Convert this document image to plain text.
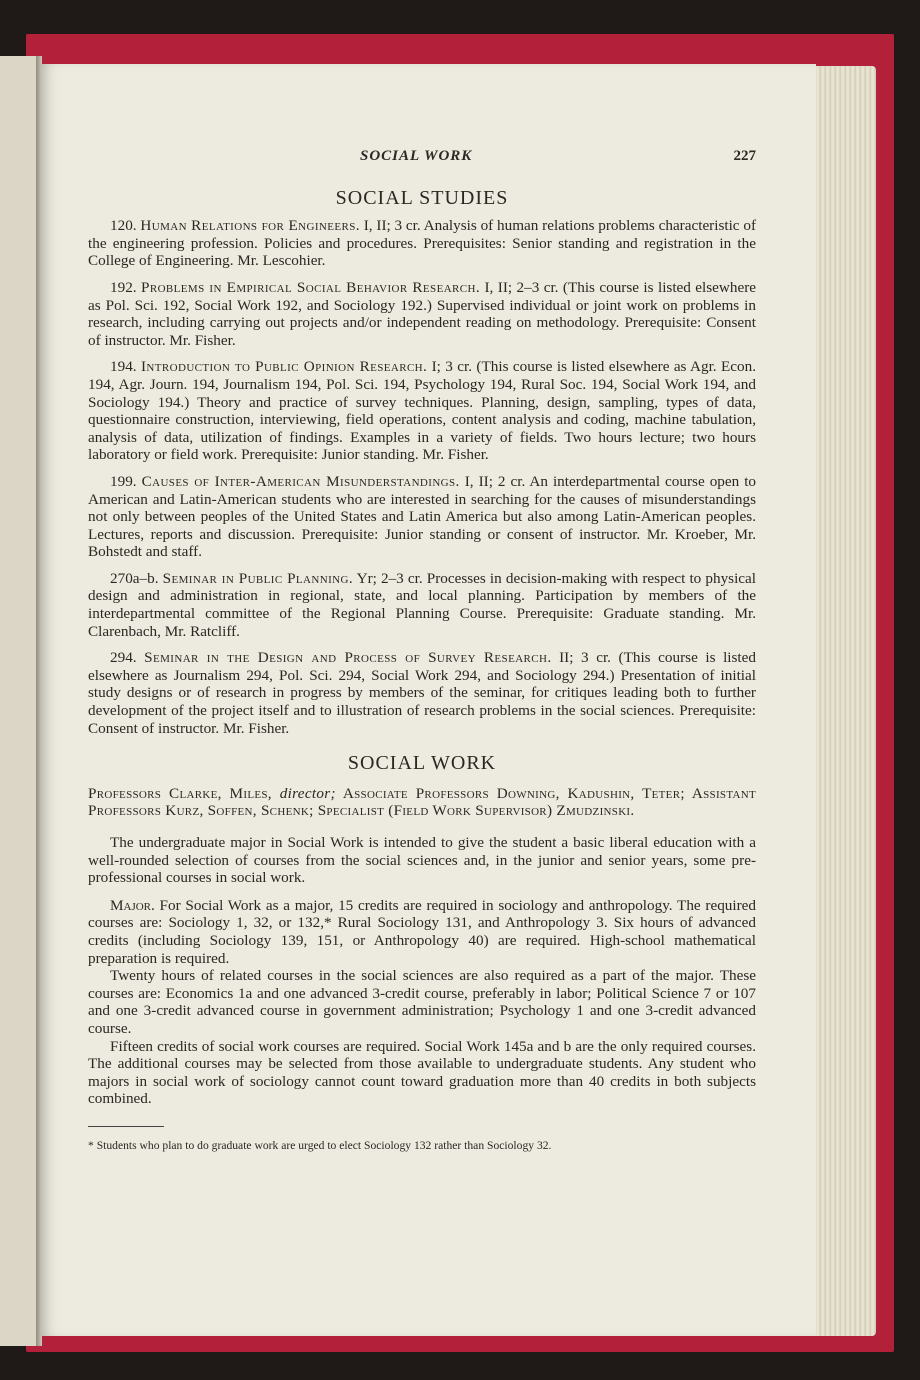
SOCIAL WORK	227
SOCIAL STUDIES

120. Human Relations for Engineers. I, II; 3 cr. Analysis of human relations problems characteristic of the engineering profession. Policies and procedures. Prerequisites: Senior standing and registration in the College of Engineering. Mr. Lescohier.

192. Problems in Empirical Social Behavior Research. I, II; 2–3 cr. (This course is listed elsewhere as Pol. Sci. 192, Social Work 192, and Sociology 192.) Supervised individual or joint work on problems in research, including carrying out projects and/or independent reading on methodology. Prerequisite: Consent of instructor. Mr. Fisher.

194. Introduction to Public Opinion Research. I; 3 cr. (This course is listed elsewhere as Agr. Econ. 194, Agr. Journ. 194, Journalism 194, Pol. Sci. 194, Psychology 194, Rural Soc. 194, Social Work 194, and Sociology 194.) Theory and practice of survey techniques. Planning, design, sampling, types of data, questionnaire construction, interviewing, field operations, content analysis and coding, machine tabulation, analysis of data, utilization of findings. Examples in a variety of fields. Two hours lecture; two hours laboratory or field work. Prerequisite: Junior standing. Mr. Fisher.

199. Causes of Inter-American Misunderstandings. I, II; 2 cr. An interdepartmental course open to American and Latin-American students who are interested in searching for the causes of misunderstandings not only between peoples of the United States and Latin America but also among Latin-American peoples. Lectures, reports and discussion. Prerequisite: Junior standing or consent of instructor. Mr. Kroeber, Mr. Bohstedt and staff.

270a–b. Seminar in Public Planning. Yr; 2–3 cr. Processes in decision-making with respect to physical design and administration in regional, state, and local planning. Participation by members of the interdepartmental committee of the Regional Planning Course. Prerequisite: Graduate standing. Mr. Clarenbach, Mr. Ratcliff.

294. Seminar in the Design and Process of Survey Research. II; 3 cr. (This course is listed elsewhere as Journalism 294, Pol. Sci. 294, Social Work 294, and Sociology 294.) Presentation of initial study designs or of research in progress by members of the seminar, for critiques leading both to further development of the project itself and to illustration of research problems in the social sciences. Prerequisite: Consent of instructor. Mr. Fisher.

SOCIAL WORK

Professors Clarke, Miles, director; Associate Professors Downing, Kadushin, Teter; Assistant Professors Kurz, Soffen, Schenk; Specialist (Field Work Supervisor) Zmudzinski.

The undergraduate major in Social Work is intended to give the student a basic liberal education with a well-rounded selection of courses from the social sciences and, in the junior and senior years, some pre-professional courses in social work.

Major. For Social Work as a major, 15 credits are required in sociology and anthropology. The required courses are: Sociology 1, 32, or 132,* Rural Sociology 131, and Anthropology 3. Six hours of advanced credits (including Sociology 139, 151, or Anthropology 40) are required. High-school mathematical preparation is required.

Twenty hours of related courses in the social sciences are also required as a part of the major. These courses are: Economics 1a and one advanced 3-credit course, preferably in labor; Political Science 7 or 107 and one 3-credit advanced course in government administration; Psychology 1 and one 3-credit advanced course.

Fifteen credits of social work courses are required. Social Work 145a and b are the only required courses. The additional courses may be selected from those available to undergraduate students. Any student who majors in social work of sociology cannot count toward graduation more than 40 credits in both subjects combined.

* Students who plan to do graduate work are urged to elect Sociology 132 rather than Sociology 32.
